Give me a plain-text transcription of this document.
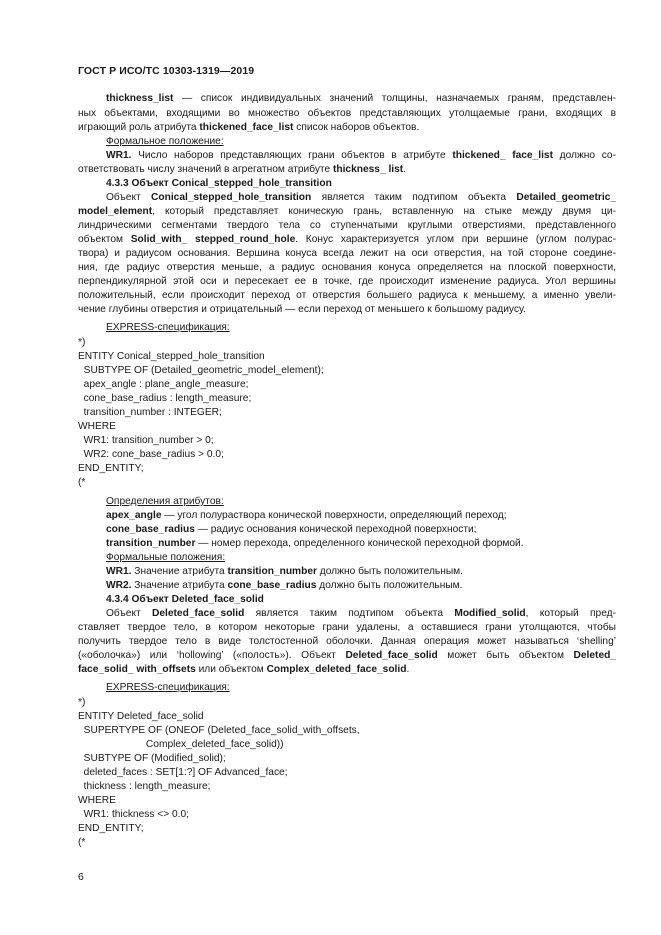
ГОСТ Р ИСО/ТС 10303-1319—2019
thickness_list — список индивидуальных значений толщины, назначаемых граням, представлен-
ных объектами, входящими во множество объектов представляющих утолщаемые грани, входящих в
играющий роль атрибута thickened_face_list список наборов объектов.
Формальное положение:
WR1. Число наборов представляющих грани объектов в атрибуте thickened_ face_list должно со-
ответствовать числу значений в агрегатном атрибуте thickness_ list.
4.3.3 Объект Conical_stepped_hole_transition
Объект Conical_stepped_hole_transition является таким подтипом объекта Detailed_geometric_
model_element, который представляет коническую грань, вставленную на стыке между двумя ци-
линдрическими сегментами твердого тела со ступенчатыми круглыми отверстиями, представленного
объектом Solid_with_ stepped_round_hole. Конус характеризуется углом при вершине (углом полурас-
твора) и радиусом основания. Вершина конуса всегда лежит на оси отверстия, на той стороне соедине-
ния, где радиус отверстия меньше, а радиус основания конуса определяется на плоской поверхности,
перпендикулярной этой оси и пересекает ее в точке, где происходит изменение радиуса. Угол вершины
положительный, если происходит переход от отверстия большего радиуса к меньшему, а именно увели-
чение глубины отверстия и отрицательный — если переход от меньшего к большому радиусу.
EXPRESS-спецификация:
*)
ENTITY Conical_stepped_hole_transition
SUBTYPE OF (Detailed_geometric_model_element);
apex_angle : plane_angle_measure;
cone_base_radius : length_measure;
transition_number : INTEGER;
WHERE
WR1: transition_number > 0;
WR2: cone_base_radius > 0.0;
END_ENTITY;
(*
Определения атрибутов:
apex_angle — угол полураствора конической поверхности, определяющий переход;
cone_base_radius — радиус основания конической переходной поверхности;
transition_number — номер перехода, определенного конической переходной формой.
Формальные положения:
WR1. Значение атрибута transition_number должно быть положительным.
WR2. Значение атрибута cone_base_radius должно быть положительным.
4.3.4 Объект Deleted_face_solid
Объект Deleted_face_solid является таким подтипом объекта Modified_solid, который пред-
ставляет твердое тело, в котором некоторые грани удалены, а оставшиеся грани утолщаются, чтобы
получить твердое тело в виде толстостенной оболочки. Данная операция может называться ‘shelling’
(«оболочка») или ‘hollowing’ («полость»). Объект Deleted_face_solid может быть объектом Deleted_
face_solid_ with_offsets или объектом Complex_deleted_face_solid.
EXPRESS-спецификация:
*)
ENTITY Deleted_face_solid
SUPERTYPE OF (ONEOF (Deleted_face_solid_with_offsets,
Complex_deleted_face_solid))
SUBTYPE OF (Modified_solid);
deleted_faces : SET[1:?] OF Advanced_face;
thickness : length_measure;
WHERE
WR1: thickness <> 0.0;
END_ENTITY;
(*
6
